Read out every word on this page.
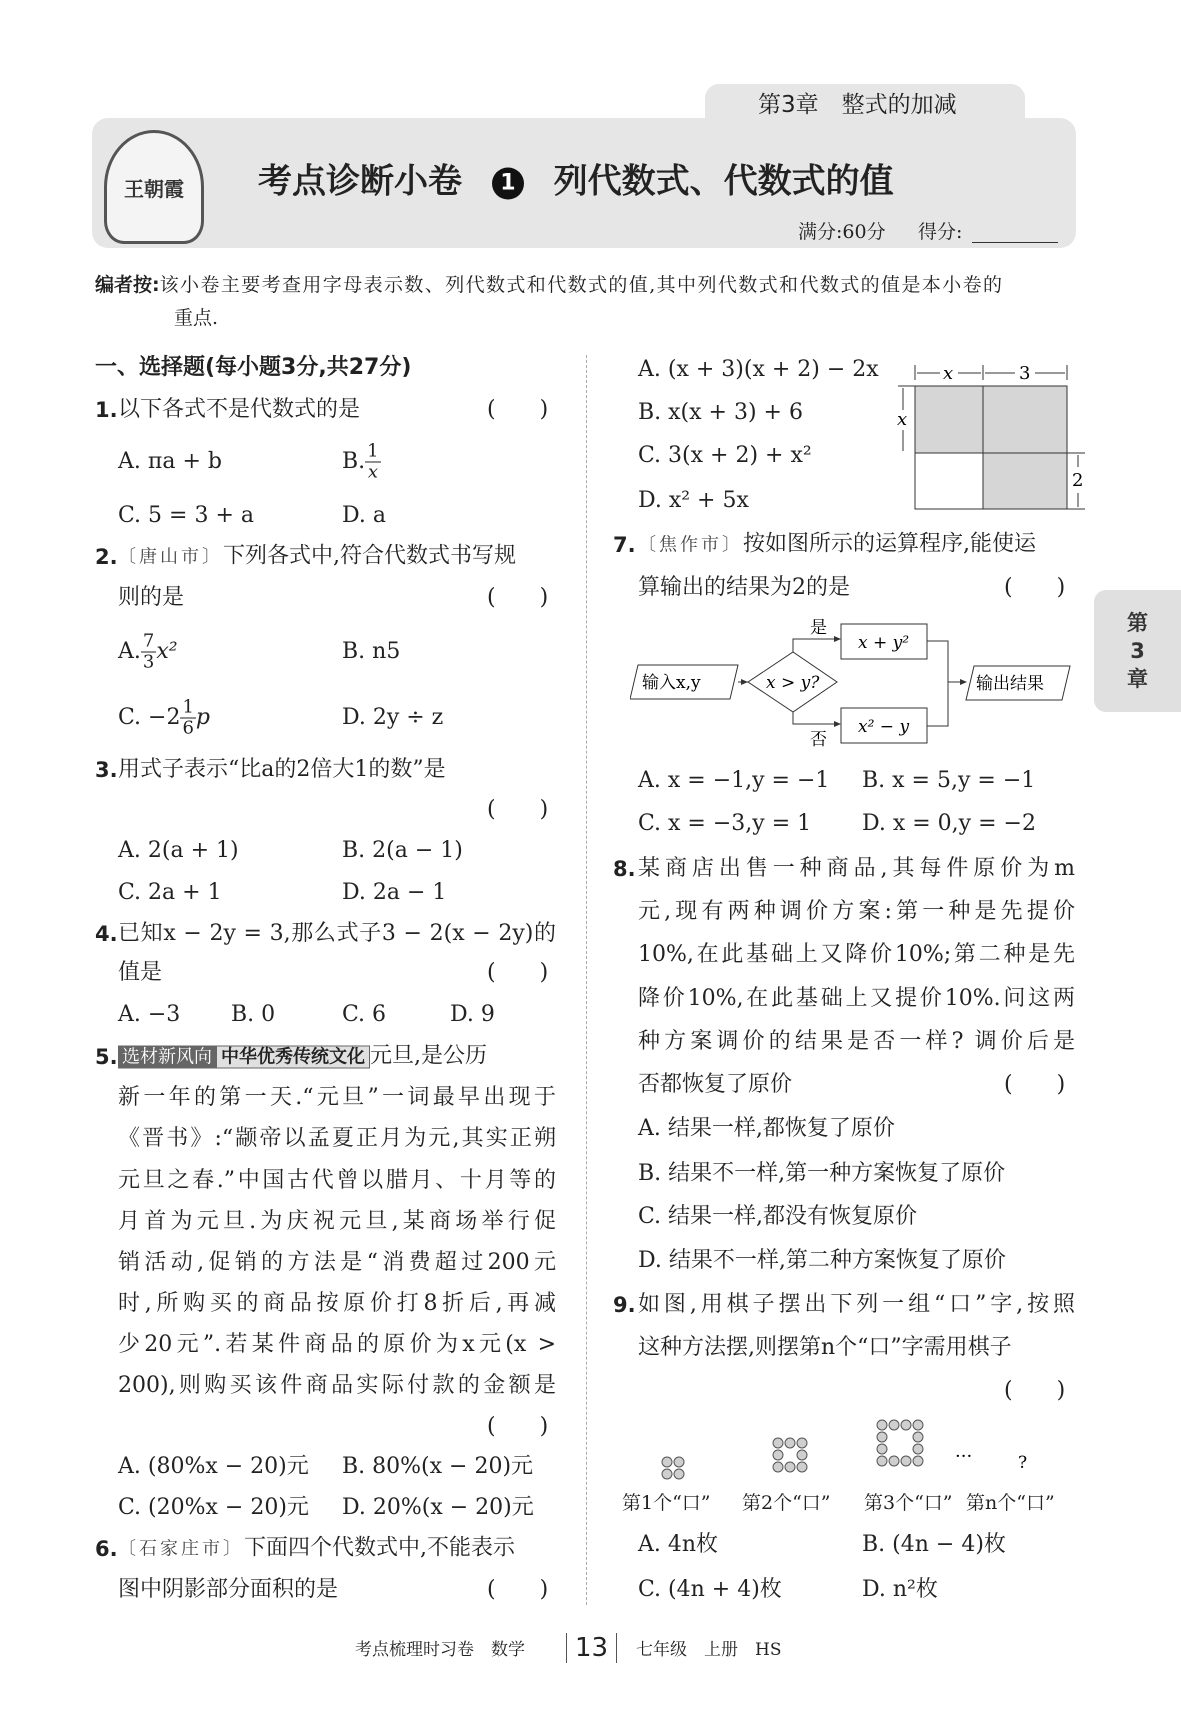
第3章　整式的加减
王朝霞	考点诊断小卷 1 列代数式、代数式的值
满分:60分 得分:
编者按:该小卷主要考查用字母表示数、列代数式和代数式的值,其中列代数式和代数式的值是本小卷的
重点.
一、选择题(每小题3分,共27分)
1. 以下各式不是代数式的是	(　　)
A. πa + b	B. $\frac{1}{x}$
C. 5 = 3 + a	D. a
2. 〔唐山市〕下列各式中,符合代数式书写规
则的是	(　　)
A. $\frac{7}{3} x^2$	B. n5
C. $-2 \frac{1}{6}$ p	D. 2y ÷ z
3. 用式子表示“比a的2倍大1的数”是
(　　)
A. 2(a + 1)	B. 2(a − 1)
C. 2a + 1	D. 2a − 1
4. 已知x − 2y = 3,那么式子3 − 2(x − 2y)的
值是	(　　)
A. −3 B. 0	C. 6	D. 9
5. 选材新风向 中华优秀传统文化 元旦,是公历
新一年的第一天.“元旦”一词最早出现于
《晋书》:“颛帝以孟夏正月为元,其实正朔
元旦之春.”中国古代曾以腊月、十月等的
月首为元旦.为庆祝元旦,某商场举行促
销活动,促销的方法是“消费超过200元
时,所购买的商品按原价打8折后,再减
少20元”.若某件商品的原价为x元(x >
200),则购买该件商品实际付款的金额是
(　　)
A. (80%x − 20)元 B. 80%(x − 20)元
C. (20%x − 20)元 D. 20%(x − 20)元
6. 〔石家庄市〕下面四个代数式中,不能表示
图中阴影部分面积的是	(　　)
A. (x + 3)(x + 2) − 2x
B. x(x + 3) + 6
C. 3(x + 2) + x²
D. x² + 5x
x	3
x
2
7. 〔焦作市〕按如图所示的运算程序,能使运
算输出的结果为2的是	(　　)
输入x,y	x > y?
是
否
x + y²
x² − y
输出结果
A. x = −1,y = −1 B. x = 5,y = −1
C. x = −3,y = 1 D. x = 0,y = −2
8. 某商店出售一种商品,其每件原价为m
元,现有两种调价方案:第一种是先提价
10%,在此基础上又降价10%;第二种是先
降价10%,在此基础上又提价10%.问这两
种方案调价的结果是否一样? 调价后是
否都恢复了原价	(　　)
A. 结果一样,都恢复了原价
B. 结果不一样,第一种方案恢复了原价
C. 结果一样,都没有恢复原价
D. 结果不一样,第二种方案恢复了原价
9. 如图,用棋子摆出下列一组“口”字,按照
这种方法摆,则摆第n个“口”字需用棋子
(　　)
···	?
第1个“口” 第2个“口” 第3个“口” 第n个“口”
A. 4n枚	B. (4n − 4)枚
C. (4n + 4)枚	D. n²枚
第
3
章
考点梳理时习卷　数学	13	七年级　上册　HS
